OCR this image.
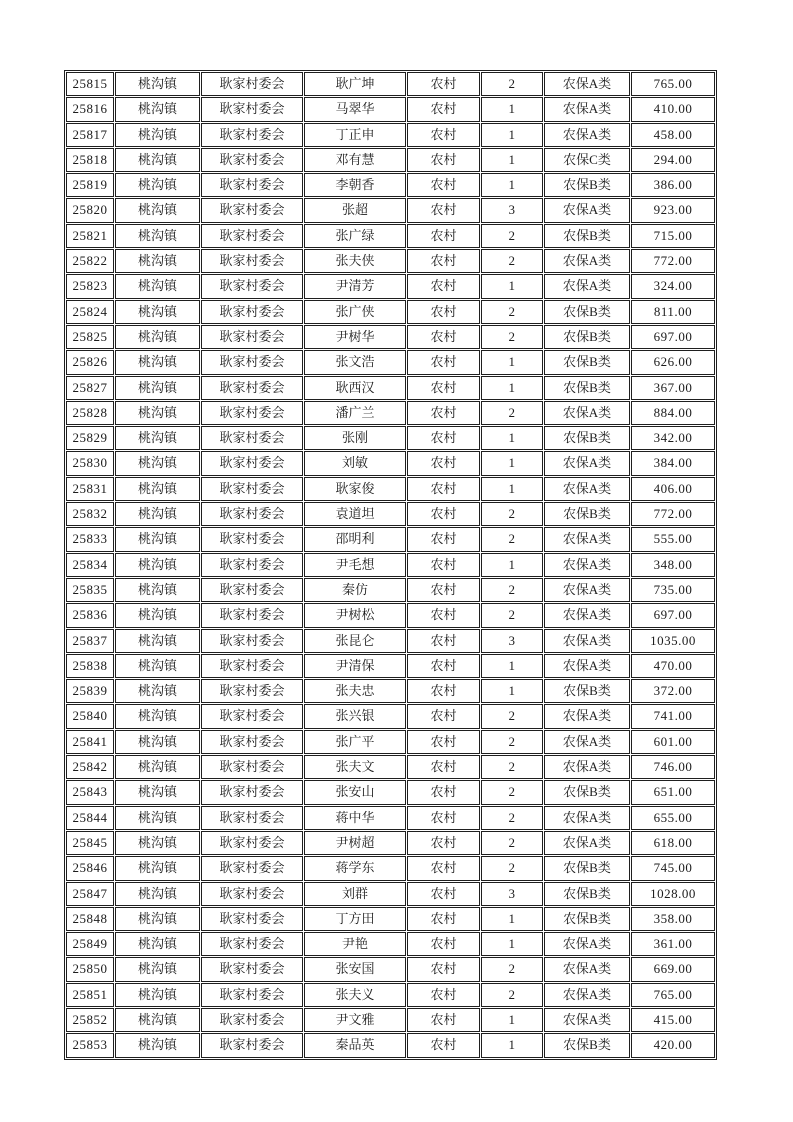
25815	桃沟镇	耿家村委会	耿广坤	农村	2	农保A类	765.00
25816	桃沟镇	耿家村委会	马翠华	农村	1	农保A类	410.00
25817	桃沟镇	耿家村委会	丁正申	农村	1	农保A类	458.00
25818	桃沟镇	耿家村委会	邓有慧	农村	1	农保C类	294.00
25819	桃沟镇	耿家村委会	李朝香	农村	1	农保B类	386.00
25820	桃沟镇	耿家村委会	张超	农村	3	农保A类	923.00
25821	桃沟镇	耿家村委会	张广绿	农村	2	农保B类	715.00
25822	桃沟镇	耿家村委会	张夫侠	农村	2	农保A类	772.00
25823	桃沟镇	耿家村委会	尹清芳	农村	1	农保A类	324.00
25824	桃沟镇	耿家村委会	张广侠	农村	2	农保B类	811.00
25825	桃沟镇	耿家村委会	尹树华	农村	2	农保B类	697.00
25826	桃沟镇	耿家村委会	张文浩	农村	1	农保B类	626.00
25827	桃沟镇	耿家村委会	耿西汉	农村	1	农保B类	367.00
25828	桃沟镇	耿家村委会	潘广兰	农村	2	农保A类	884.00
25829	桃沟镇	耿家村委会	张刚	农村	1	农保B类	342.00
25830	桃沟镇	耿家村委会	刘敏	农村	1	农保A类	384.00
25831	桃沟镇	耿家村委会	耿家俊	农村	1	农保A类	406.00
25832	桃沟镇	耿家村委会	袁道坦	农村	2	农保B类	772.00
25833	桃沟镇	耿家村委会	邵明利	农村	2	农保A类	555.00
25834	桃沟镇	耿家村委会	尹毛想	农村	1	农保A类	348.00
25835	桃沟镇	耿家村委会	秦仿	农村	2	农保A类	735.00
25836	桃沟镇	耿家村委会	尹树松	农村	2	农保A类	697.00
25837	桃沟镇	耿家村委会	张昆仑	农村	3	农保A类	1035.00
25838	桃沟镇	耿家村委会	尹清保	农村	1	农保A类	470.00
25839	桃沟镇	耿家村委会	张夫忠	农村	1	农保B类	372.00
25840	桃沟镇	耿家村委会	张兴银	农村	2	农保A类	741.00
25841	桃沟镇	耿家村委会	张广平	农村	2	农保A类	601.00
25842	桃沟镇	耿家村委会	张夫文	农村	2	农保A类	746.00
25843	桃沟镇	耿家村委会	张安山	农村	2	农保B类	651.00
25844	桃沟镇	耿家村委会	蒋中华	农村	2	农保A类	655.00
25845	桃沟镇	耿家村委会	尹树超	农村	2	农保A类	618.00
25846	桃沟镇	耿家村委会	蒋学东	农村	2	农保B类	745.00
25847	桃沟镇	耿家村委会	刘群	农村	3	农保B类	1028.00
25848	桃沟镇	耿家村委会	丁方田	农村	1	农保B类	358.00
25849	桃沟镇	耿家村委会	尹艳	农村	1	农保A类	361.00
25850	桃沟镇	耿家村委会	张安国	农村	2	农保A类	669.00
25851	桃沟镇	耿家村委会	张夫义	农村	2	农保A类	765.00
25852	桃沟镇	耿家村委会	尹文雅	农村	1	农保A类	415.00
25853	桃沟镇	耿家村委会	秦品英	农村	1	农保B类	420.00
